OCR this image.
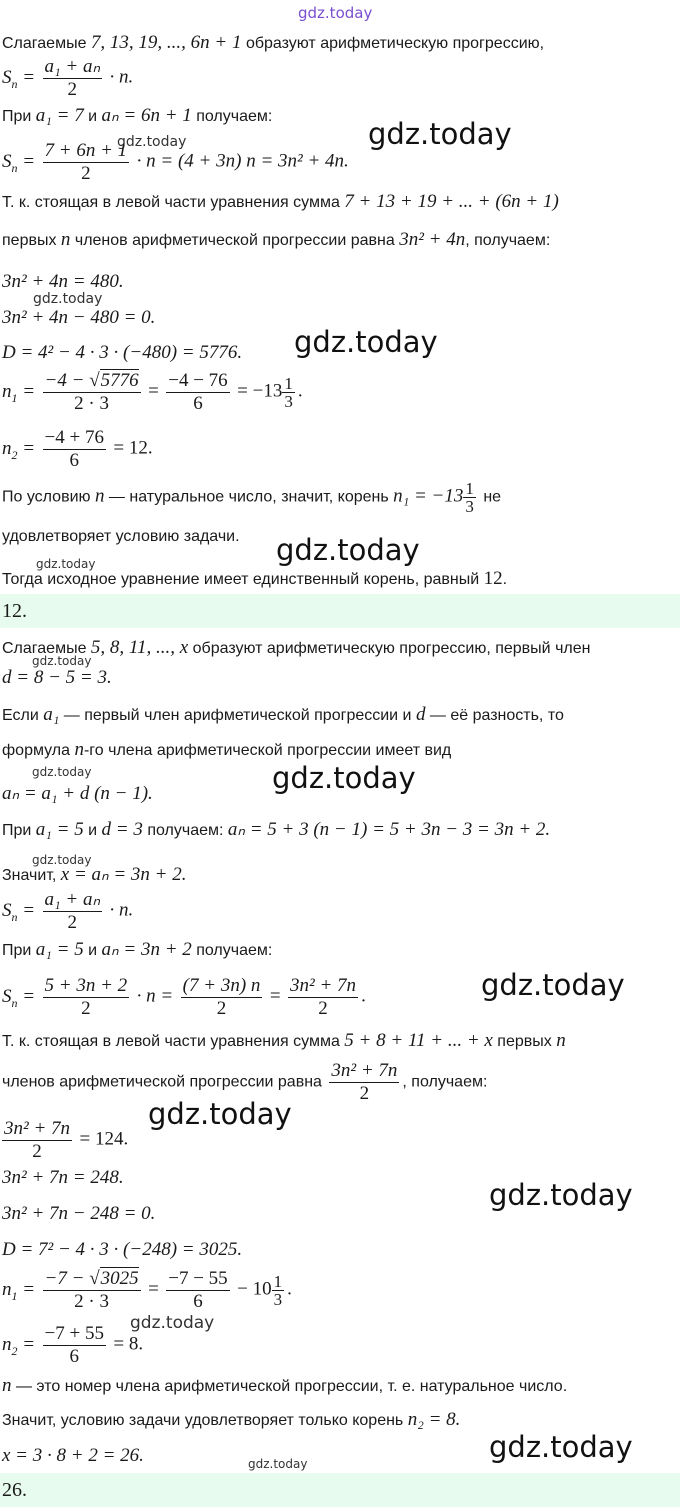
gdz.today
gdz.today
gdz.today
gdz.today
gdz.today
gdz.today
gdz.today
gdz.today
gdz.today	gdz.today
gdz.today
gdz.today
gdz.today
gdz.today
gdz.today
gdz.today
gdz.today
Слагаемые 7, 13, 19, ..., 6n + 1 образуют арифметическую прогрессию,
$S_n = \frac{\text{a₁ + aₙ}}{2} \cdot n$.
При a₁ = 7 и aₙ = 6n + 1 получаем:
$S_n = \frac{7 + 6n + 1}{2} \cdot n = (4 + 3n) n = 3n^2 + 4n$.
Т. к. стоящая в левой части уравнения сумма 7 + 13 + 19 + ... + (6n + 1)
первых n членов арифметической прогрессии равна 3n² + 4n, получаем:
3n² + 4n = 480.
3n² + 4n − 480 = 0.
D = 4² − 4 · 3 · (−480) = 5776.
$n_1 = \frac{-4 - √5776}{2 \cdot 3} = \frac{-4 - 76}{6} = -13 \frac{1}{3}$ .
$n_2 = \frac{-4 + 76}{6} = 12$.
По условию n — натуральное число, значит, корень $n_1 = -13 \frac{1}{3}$ не
удовлетворяет условию задачи.
Тогда исходное уравнение имеет единственный корень, равный 12.
12.
Слагаемые 5, 8, 11, ..., x образуют арифметическую прогрессию, первый член
d = 8 − 5 = 3.
Если a₁ — первый член арифметической прогрессии и d — её разность, то
формула n-го члена арифметической прогрессии имеет вид
aₙ = a₁ + d (n − 1).
При a₁ = 5 и d = 3 получаем: aₙ = 5 + 3 (n − 1) = 5 + 3n − 3 = 3n + 2.
Значит, x = aₙ = 3n + 2.
$S_n = \frac{\text{a₁ + aₙ}}{2} \cdot n$.
При a₁ = 5 и aₙ = 3n + 2 получаем:
$S_n = \frac{5 + 3n + 2}{2} \cdot n = \frac{(7 + 3n) n}{2} = \frac{\text{3n² + 7n}}{2}$ .
Т. к. стоящая в левой части уравнения сумма 5 + 8 + 11 + ... + x первых n
членов арифметической прогрессии равна $\frac{\text{3n² + 7n}}{2}$ , получаем:
$\frac{\text{3n² + 7n}}{2} = 124$.
3n² + 7n = 248.
3n² + 7n − 248 = 0.
D = 7² − 4 · 3 · (−248) = 3025.
$n_1 = \frac{-7 - √3025}{2 \cdot 3} = \frac{-7 - 55}{6} - 10 \frac{1}{3}$ .
$n_2 = \frac{-7 + 55}{6} = 8$.
n — это номер члена арифметической прогрессии, т. е. натуральное число.
Значит, условию задачи удовлетворяет только корень n₂ = 8.
x = 3 · 8 + 2 = 26.
26.
